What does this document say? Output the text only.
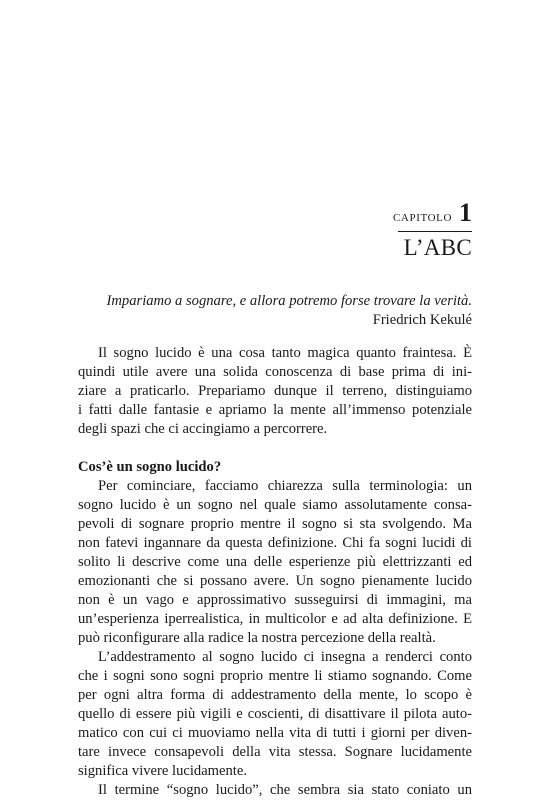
CAPITOLO 1
L’ABC
Impariamo a sognare, e allora potremo forse trovare la verità.
Friedrich Kekulé

Il sogno lucido è una cosa tanto magica quanto fraintesa. È
quindi utile avere una solida conoscenza di base prima di ini-
ziare a praticarlo. Prepariamo dunque il terreno, distinguiamo
i fatti dalle fantasie e apriamo la mente all’immenso potenziale
degli spazi che ci accingiamo a percorrere.

Cos’è un sogno lucido?

Per cominciare, facciamo chiarezza sulla terminologia: un
sogno lucido è un sogno nel quale siamo assolutamente consa-
pevoli di sognare proprio mentre il sogno si sta svolgendo. Ma
non fatevi ingannare da questa definizione. Chi fa sogni lucidi di
solito li descrive come una delle esperienze più elettrizzanti ed
emozionanti che si possano avere. Un sogno pienamente lucido
non è un vago e approssimativo susseguirsi di immagini, ma
un’esperienza iperrealistica, in multicolor e ad alta definizione. E
può riconfigurare alla radice la nostra percezione della realtà.

L’addestramento al sogno lucido ci insegna a renderci conto
che i sogni sono sogni proprio mentre li stiamo sognando. Come
per ogni altra forma di addestramento della mente, lo scopo è
quello di essere più vigili e coscienti, di disattivare il pilota auto-
matico con cui ci muoviamo nella vita di tutti i giorni per diven-
tare invece consapevoli della vita stessa. Sognare lucidamente
significa vivere lucidamente.

Il termine “sogno lucido”, che sembra sia stato coniato un
